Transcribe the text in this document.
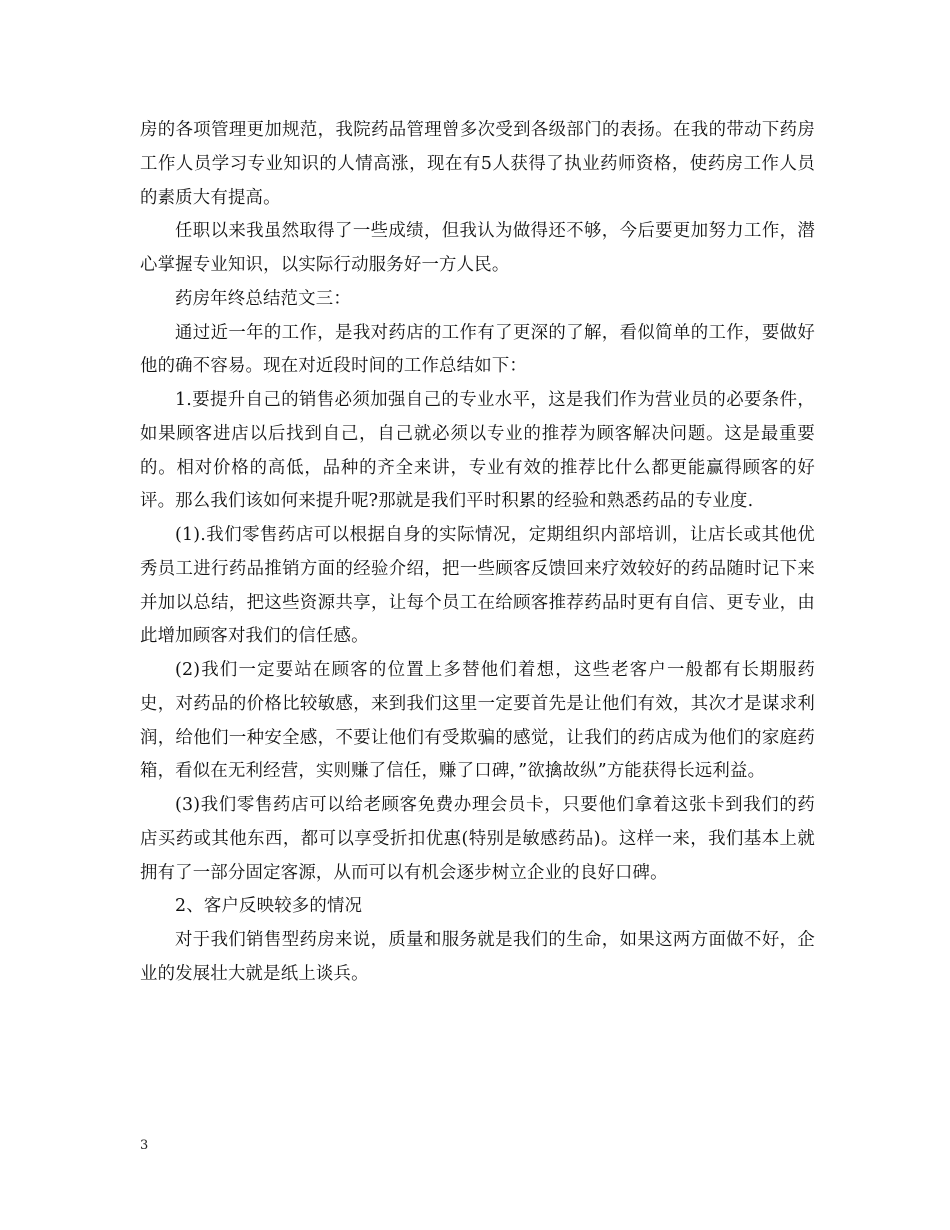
房的各项管理更加规范，我院药品管理曾多次受到各级部门的表扬。在我的带动下药房工作人员学习专业知识的人情高涨，现在有5人获得了执业药师资格，使药房工作人员的素质大有提高。

任职以来我虽然取得了一些成绩，但我认为做得还不够，今后要更加努力工作，潜心掌握专业知识，以实际行动服务好一方人民。

药房年终总结范文三：

通过近一年的工作，是我对药店的工作有了更深的了解，看似简单的工作，要做好他的确不容易。现在对近段时间的工作总结如下：

1.要提升自己的销售必须加强自己的专业水平，这是我们作为营业员的必要条件，如果顾客进店以后找到自己，自己就必须以专业的推荐为顾客解决问题。这是最重要的。相对价格的高低，品种的齐全来讲，专业有效的推荐比什么都更能赢得顾客的好评。那么我们该如何来提升呢?那就是我们平时积累的经验和熟悉药品的专业度.

(1).我们零售药店可以根据自身的实际情况，定期组织内部培训，让店长或其他优秀员工进行药品推销方面的经验介绍，把一些顾客反馈回来疗效较好的药品随时记下来并加以总结，把这些资源共享，让每个员工在给顾客推荐药品时更有自信、更专业，由此增加顾客对我们的信任感。

(2)我们一定要站在顾客的位置上多替他们着想，这些老客户一般都有长期服药史，对药品的价格比较敏感，来到我们这里一定要首先是让他们有效，其次才是谋求利润，给他们一种安全感，不要让他们有受欺骗的感觉，让我们的药店成为他们的家庭药箱，看似在无利经营，实则赚了信任，赚了口碑，”欲擒故纵”方能获得长远利益。

(3)我们零售药店可以给老顾客免费办理会员卡，只要他们拿着这张卡到我们的药店买药或其他东西，都可以享受折扣优惠(特别是敏感药品)。这样一来，我们基本上就拥有了一部分固定客源，从而可以有机会逐步树立企业的良好口碑。

2、客户反映较多的情况

对于我们销售型药房来说，质量和服务就是我们的生命，如果这两方面做不好，企业的发展壮大就是纸上谈兵。

3
